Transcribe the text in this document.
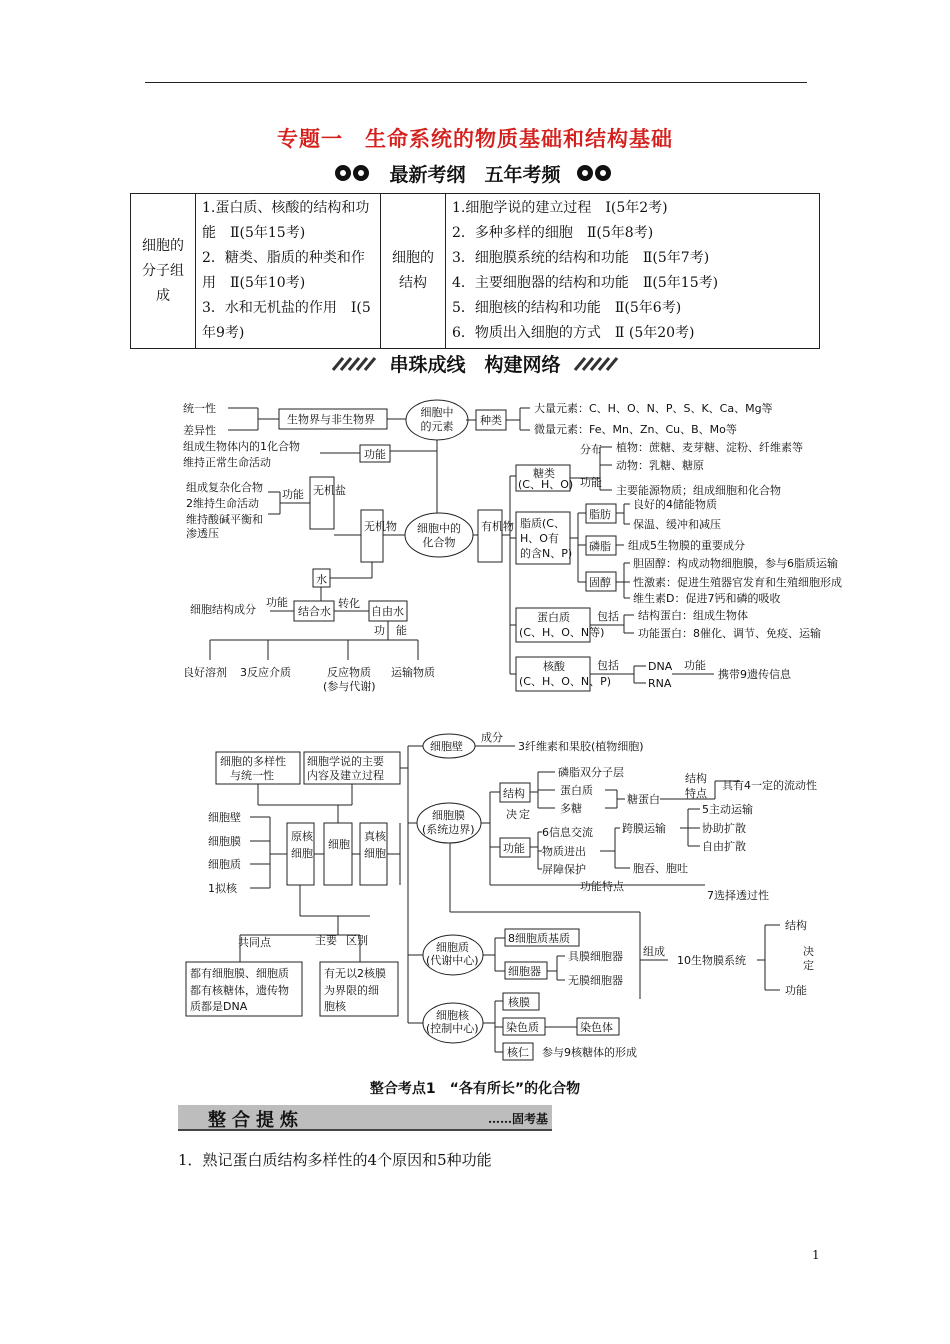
专题一　生命系统的物质基础和结构基础
最新考纲　五年考频
细胞的分子组成	
1.蛋白质、核酸的结构和功能　Ⅱ(5年15考)
2．糖类、脂质的种类和作用　Ⅱ(5年10考)
3．水和无机盐的作用　Ⅰ(5年9考)
	细胞的结构	
1.细胞学说的建立过程　Ⅰ(5年2考)
2．多种多样的细胞　Ⅱ(5年8考)
3．细胞膜系统的结构和功能　Ⅱ(5年7考)
4．主要细胞器的结构和功能　Ⅱ(5年15考)
5．细胞核的结构和功能　Ⅱ(5年6考)
6．物质出入细胞的方式　Ⅱ (5年20考)
串珠成线　构建网络
细胞中
的元素
细胞中的
化合物
统一性
差异性
生物界与非生物界	种类
大量元素：C、H、O、N、P、S、K、Ca、Mg等
微量元素：Fe、Mn、Zn、Cu、B、Mo等
组成生物体内的1化合物
维持正常生命活动
功能
组成复杂化合物
2维持生命活动
维持酸碱平衡和
渗透压
功能 无机盐
无机物
水
细胞结构成分
功能
结合水
转化
自由水
功　能
良好溶剂 3反应介质	反应物质
(参与代谢)
运输物质
有机物
糖类
(C、H、O)
分布 植物：蔗糖、麦芽糖、淀粉、纤维素等
动物：乳糖、糖原
功能
主要能源物质；组成细胞和化合物
脂质(C、
H、O有
的含N、P)
脂肪
良好的4储能物质
保温、缓冲和减压
磷脂 组成5生物膜的重要成分
固醇
胆固醇：构成动物细胞膜，参与6脂质运输
性激素：促进生殖器官发育和生殖细胞形成
维生素D：促进7钙和磷的吸收
蛋白质
(C、H、O、N等)
包括 结构蛋白：组成生物体
功能蛋白：8催化、调节、免疫、运输
核酸
(C、H、O、N、P)
包括	DNA
RNA
功能
携带9遗传信息
细胞的多样性
与统一性
细胞学说的主要
内容及建立过程
细胞壁
细胞膜
细胞质
1拟核
原核
细胞
细胞
真核
细胞
共同点	主要 区别
都有细胞膜、细胞质
都有核糖体，遗传物
质都是DNA
有无以2核膜
为界限的细
胞核
细胞壁
成分
3纤维素和果胶(植物细胞)
细胞膜
(系统边界)
结构
磷脂双分子层
蛋白质
多糖
糖蛋白
结构
特点
具有4一定的流动性
决 定
功能
6信息交流
物质进出
屏障保护
跨膜运输
5主动运输
协助扩散
自由扩散
胞吞、胞吐
功能特点
7选择透过性
细胞质
(代谢中心)
8细胞质基质
细胞器
具膜细胞器
无膜细胞器
组成
10生物膜系统
结构
决
定
功能
细胞核
(控制中心)
核膜
染色质	染色体
核仁 参与9核糖体的形成
整合考点1　“各有所长”的化合物
整合提炼	……固考基
1．熟记蛋白质结构多样性的4个原因和5种功能
1
